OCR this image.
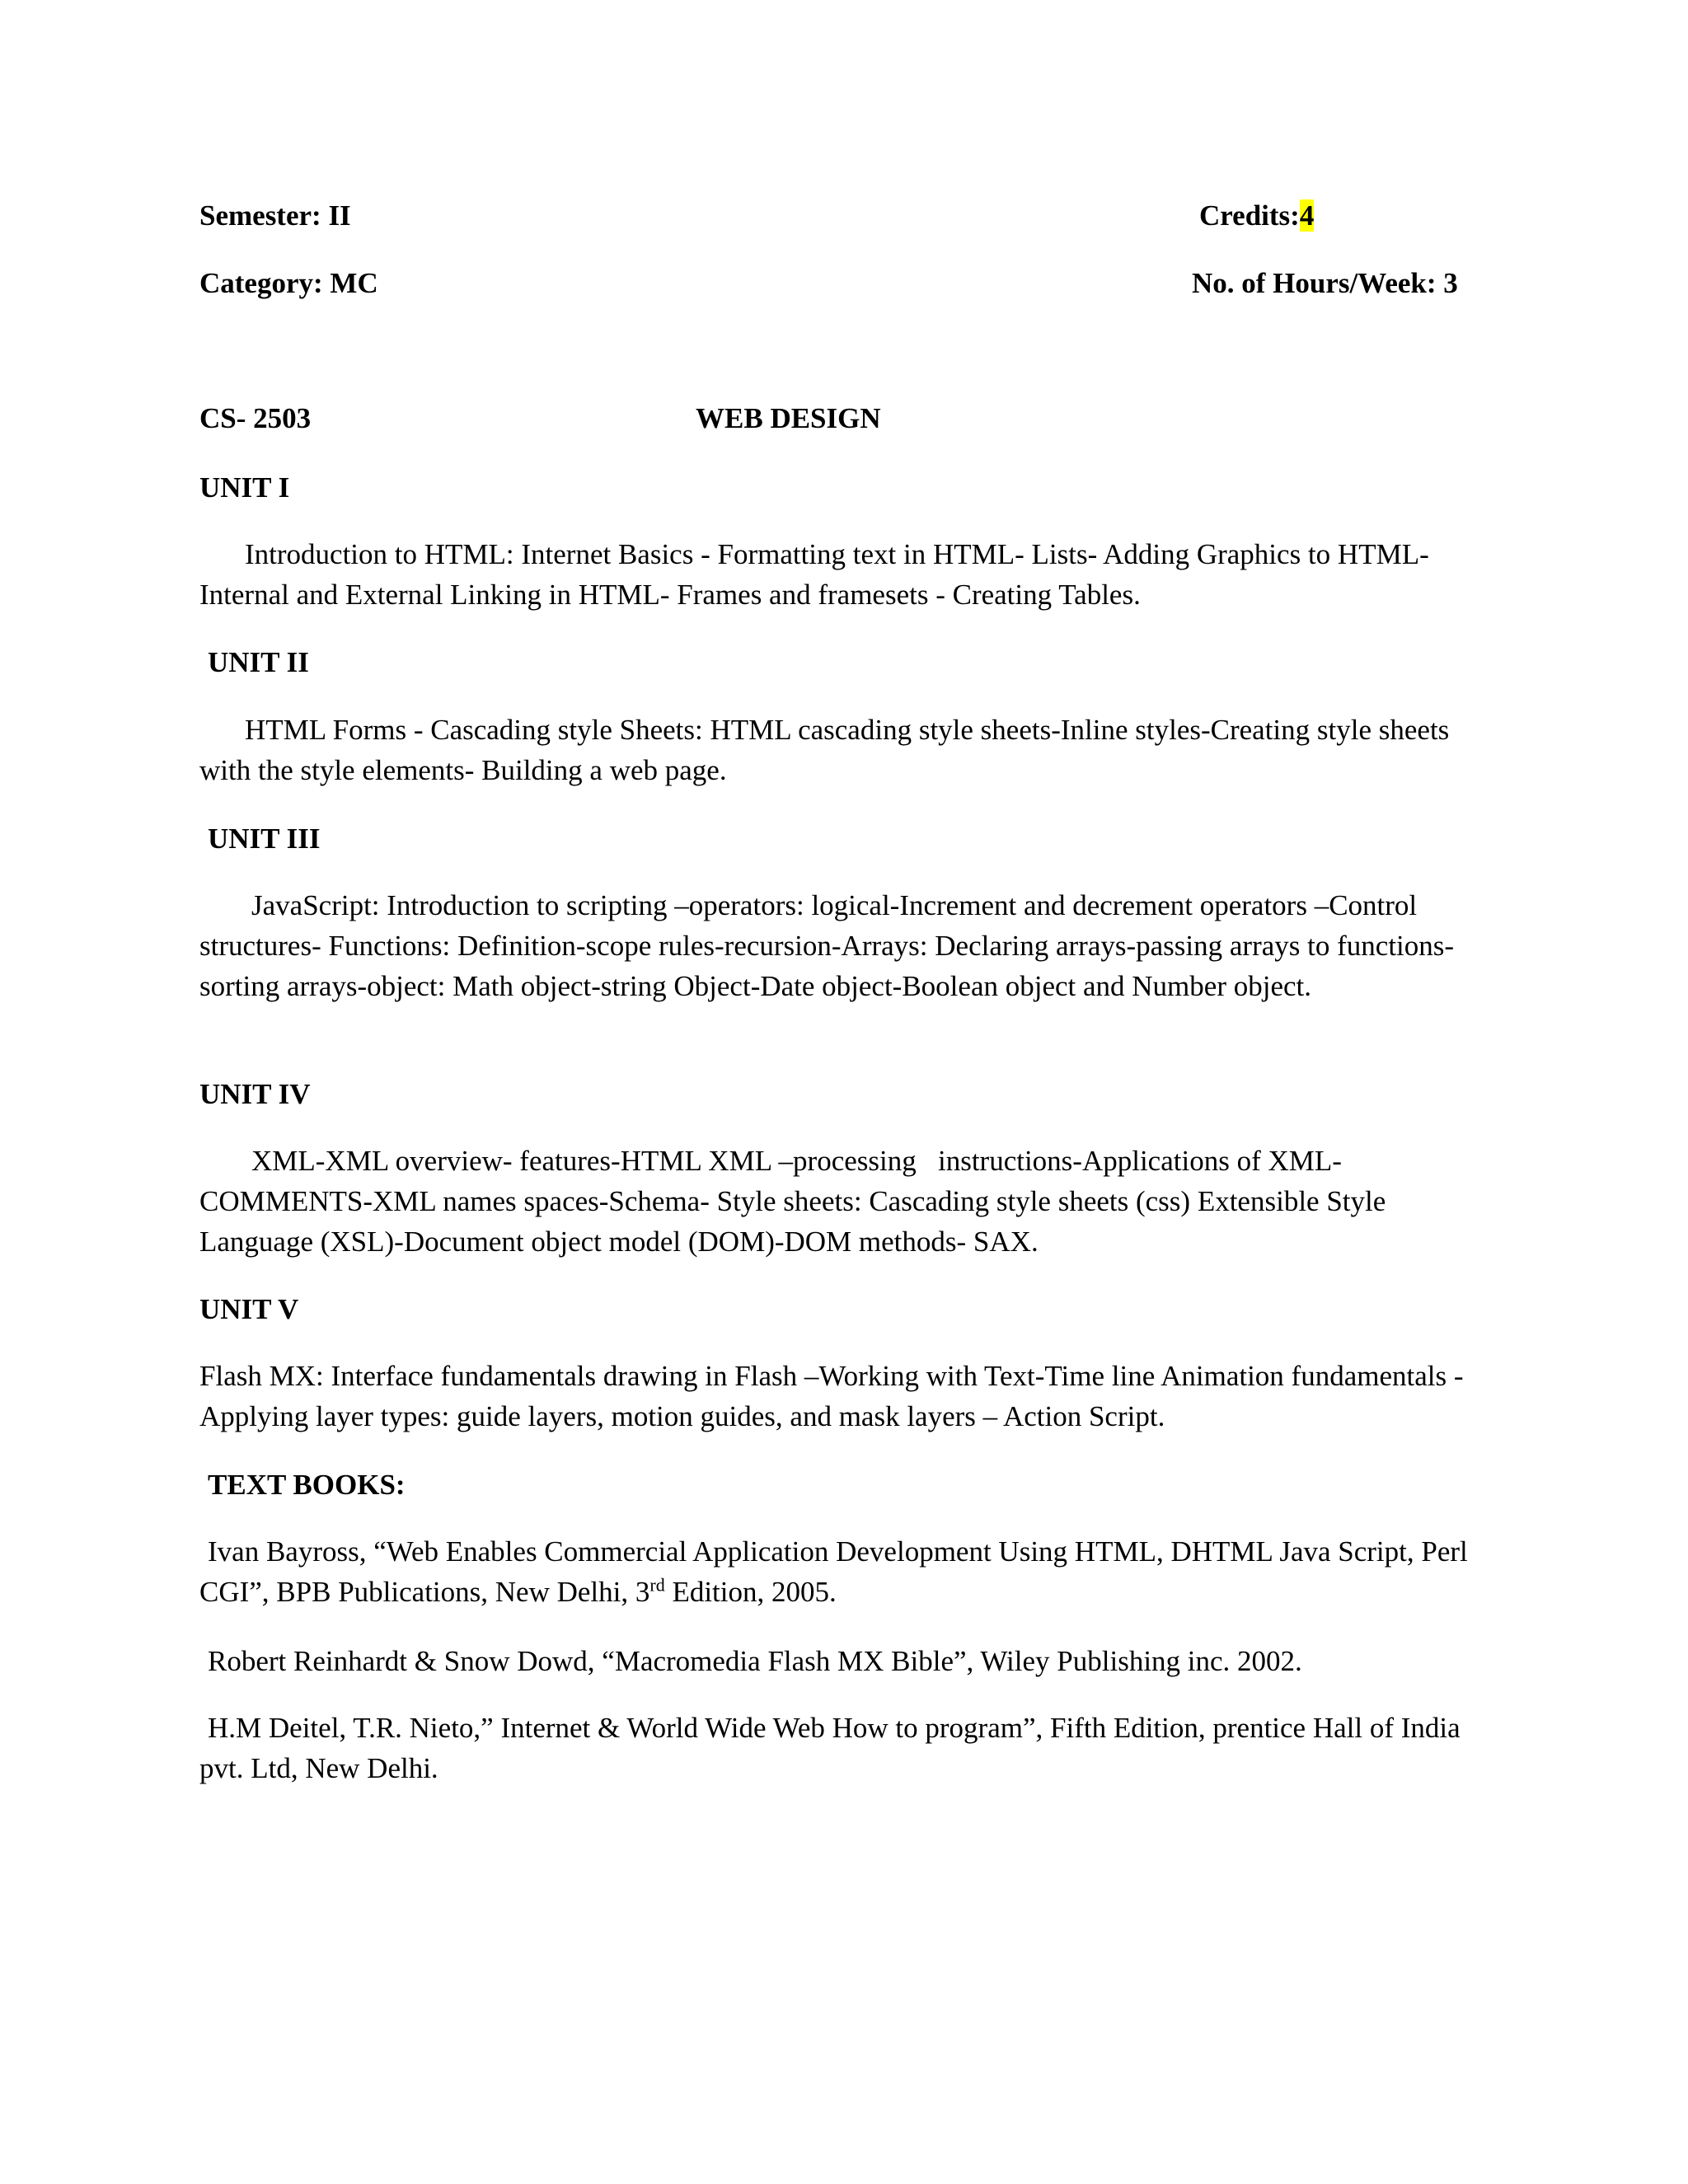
Semester: II	Credits:4
Category: MC	No. of Hours/Week: 3
CS- 2503	WEB DESIGN
UNIT I

Introduction to HTML: Internet Basics - Formatting text in HTML- Lists- Adding Graphics to HTML- Internal and External Linking in HTML- Frames and framesets - Creating Tables.

UNIT II

HTML Forms - Cascading style Sheets: HTML cascading style sheets-Inline styles-Creating style sheets with the style elements- Building a web page.

UNIT III

JavaScript: Introduction to scripting –operators: logical-Increment and decrement operators –Control structures- Functions: Definition-scope rules-recursion-Arrays: Declaring arrays-passing arrays to functions-sorting arrays-object: Math object-string Object-Date object-Boolean object and Number object.

UNIT IV

XML-XML overview- features-HTML XML –processing   instructions-Applications of XML-COMMENTS-XML names spaces-Schema- Style sheets: Cascading style sheets (css) Extensible Style Language (XSL)-Document object model (DOM)-DOM methods- SAX.

UNIT V

Flash MX: Interface fundamentals drawing in Flash –Working with Text-Time line Animation fundamentals -Applying layer types: guide layers, motion guides, and mask layers – Action Script.

TEXT BOOKS:

Ivan Bayross, “Web Enables Commercial Application Development Using HTML, DHTML Java Script, Perl CGI”, BPB Publications, New Delhi, 3rd Edition, 2005.

Robert Reinhardt & Snow Dowd, “Macromedia Flash MX Bible”, Wiley Publishing inc. 2002.

H.M Deitel, T.R. Nieto,” Internet & World Wide Web How to program”, Fifth Edition, prentice Hall of India pvt. Ltd, New Delhi.
